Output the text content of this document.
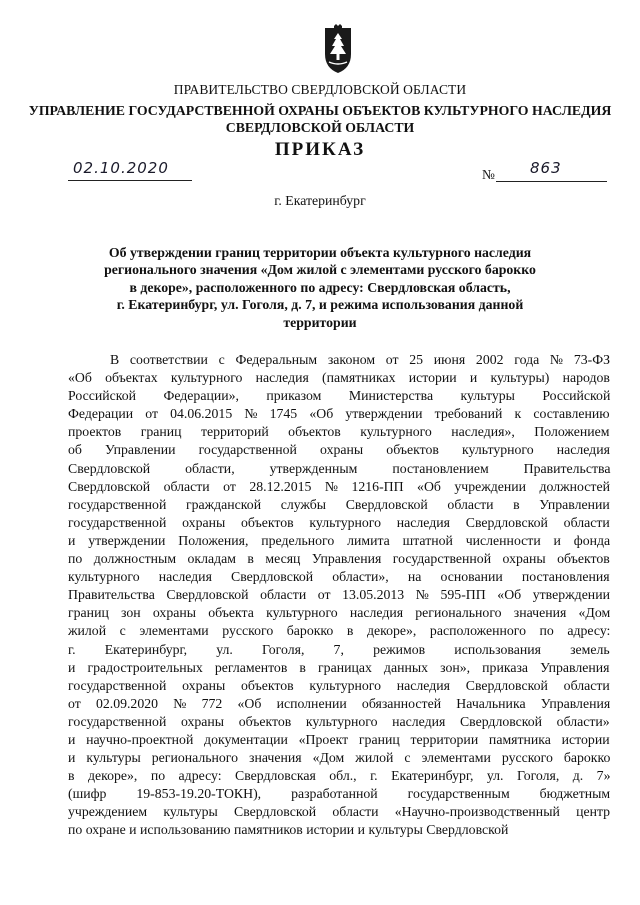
ПРАВИТЕЛЬСТВО СВЕРДЛОВСКОЙ ОБЛАСТИ
УПРАВЛЕНИЕ ГОСУДАРСТВЕННОЙ ОХРАНЫ ОБЪЕКТОВ КУЛЬТУРНОГО НАСЛЕДИЯ
СВЕРДЛОВСКОЙ ОБЛАСТИ
ПРИКАЗ
02.10.2020	№ 863
г. Екатеринбург
Об утверждении границ территории объекта культурного наследия
регионального значения «Дом жилой с элементами русского барокко
в декоре», расположенного по адресу: Свердловская область,
г. Екатеринбург, ул. Гоголя, д. 7, и режима использования данной
территории

В соответствии с Федеральным законом от 25 июня 2002 года № 73-ФЗ
«Об объектах культурного наследия (памятниках истории и культуры) народов
Российской Федерации», приказом Министерства культуры Российской
Федерации от 04.06.2015 № 1745 «Об утверждении требований к составлению
проектов границ территорий объектов культурного наследия», Положением
об Управлении государственной охраны объектов культурного наследия
Свердловской области, утвержденным постановлением Правительства
Свердловской области от 28.12.2015 № 1216-ПП «Об учреждении должностей
государственной гражданской службы Свердловской области в Управлении
государственной охраны объектов культурного наследия Свердловской области
и утверждении Положения, предельного лимита штатной численности и фонда
по должностным окладам в месяц Управления государственной охраны объектов
культурного наследия Свердловской области», на основании постановления
Правительства Свердловской области от 13.05.2013 № 595-ПП «Об утверждении
границ зон охраны объекта культурного наследия регионального значения «Дом
жилой с элементами русского барокко в декоре», расположенного по адресу:
г. Екатеринбург, ул. Гоголя, 7, режимов использования земель
и градостроительных регламентов в границах данных зон», приказа Управления
государственной охраны объектов культурного наследия Свердловской области
от 02.09.2020 № 772 «Об исполнении обязанностей Начальника Управления
государственной охраны объектов культурного наследия Свердловской области»
и научно-проектной документации «Проект границ территории памятника истории
и культуры регионального значения «Дом жилой с элементами русского барокко
в декоре», по адресу: Свердловская обл., г. Екатеринбург, ул. Гоголя, д. 7»
(шифр 19-853-19.20-ТОКН), разработанной государственным бюджетным
учреждением культуры Свердловской области «Научно-производственный центр
по охране и использованию памятников истории и культуры Свердловской
